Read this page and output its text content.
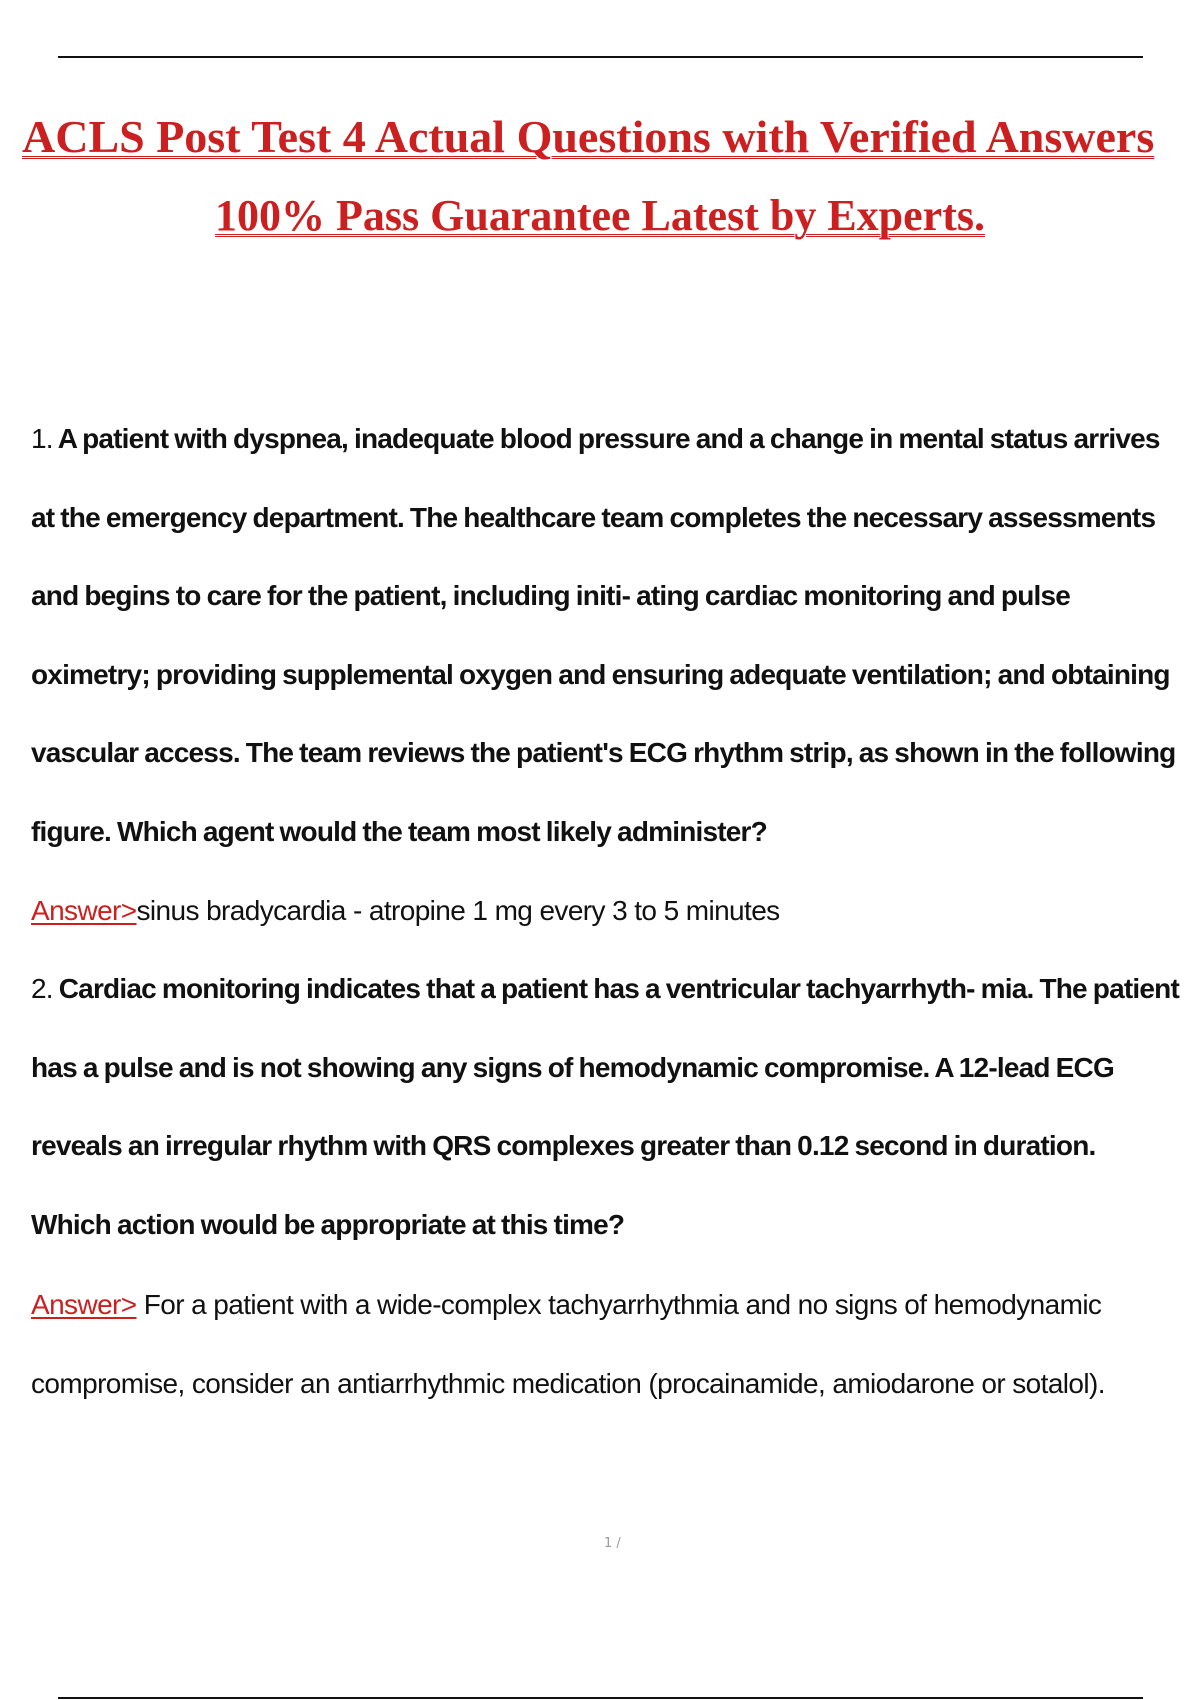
ACLS Post Test 4 Actual Questions with Verified Answers
100% Pass Guarantee Latest by Experts.
1. A patient with dyspnea, inadequate blood pressure and a change in mental status arrives at the emergency department. The healthcare team completes the necessary assessments and begins to care for the patient, including initi- ating cardiac monitoring and pulse oximetry; providing supplemental oxygen and ensuring adequate ventilation; and obtaining vascular access. The team reviews the patient's ECG rhythm strip, as shown in the following figure. Which agent would the team most likely administer?
Answer>sinus bradycardia - atropine 1 mg every 3 to 5 minutes
2. Cardiac monitoring indicates that a patient has a ventricular tachyarrhyth- mia. The patient has a pulse and is not showing any signs of hemodynamic compromise. A 12-lead ECG reveals an irregular rhythm with QRS complexes greater than 0.12 second in duration. Which action would be appropriate at this time?
Answer> For a patient with a wide-complex tachyarrhythmia and no signs of hemodynamic
compromise, consider an antiarrhythmic medication (procainamide, amiodarone or sotalol).
1 /
